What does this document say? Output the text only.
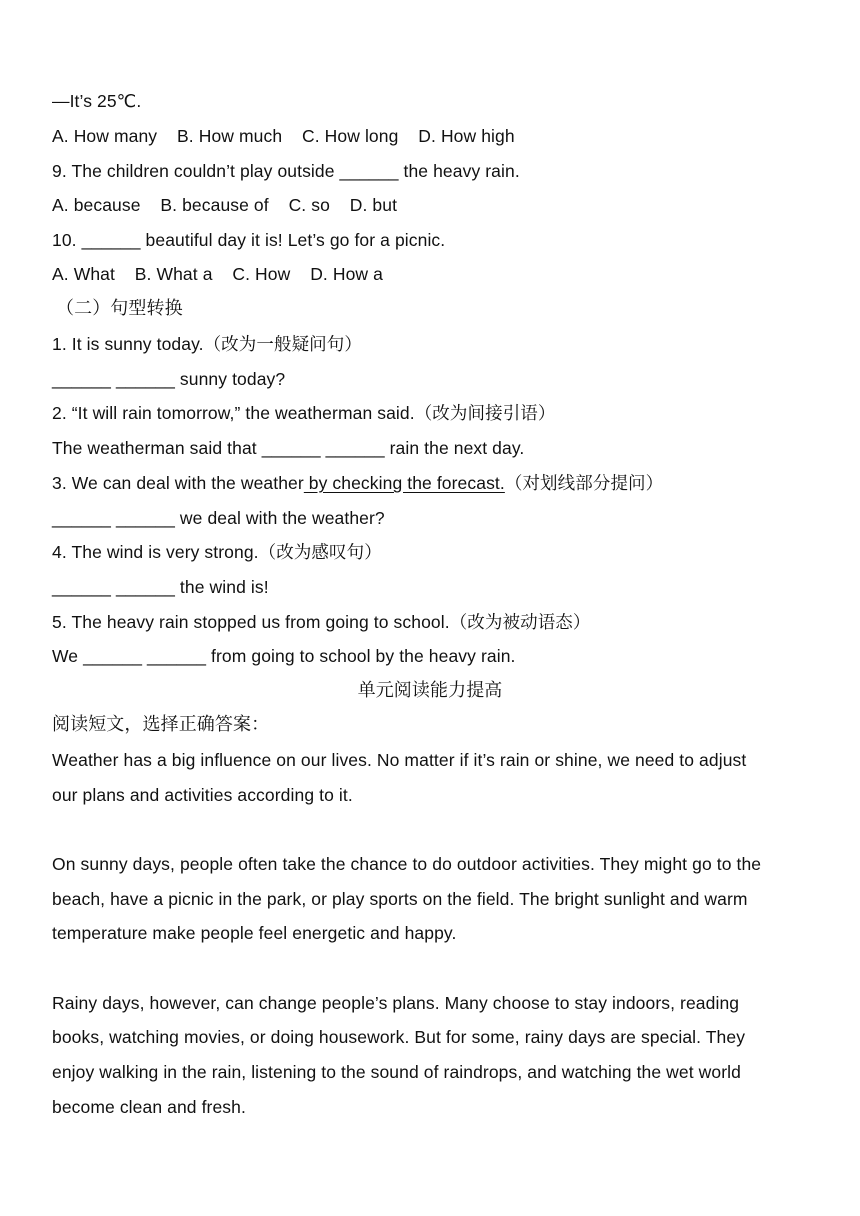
—It’s 25℃.
A. How many    B. How much    C. How long    D. How high
9. The children couldn’t play outside ______ the heavy rain.
A. because    B. because of    C. so    D. but
10. ______ beautiful day it is! Let’s go for a picnic.
A. What    B. What a    C. How    D. How a
（二）句型转换
1. It is sunny today.（改为一般疑问句）
______ ______ sunny today?
2. “It will rain tomorrow,” the weatherman said.（改为间接引语）
The weatherman said that ______ ______ rain the next day.
3. We can deal with the weather by checking the forecast.（对划线部分提问）
______ ______ we deal with the weather?
4. The wind is very strong.（改为感叹句）
______ ______ the wind is!
5. The heavy rain stopped us from going to school.（改为被动语态）
We ______ ______ from going to school by the heavy rain.
单元阅读能力提高
阅读短文，选择正确答案：
Weather has a big influence on our lives. No matter if it’s rain or shine, we need to adjust
our plans and activities according to it.
On sunny days, people often take the chance to do outdoor activities. They might go to the
beach, have a picnic in the park, or play sports on the field. The bright sunlight and warm
temperature make people feel energetic and happy.
Rainy days, however, can change people’s plans. Many choose to stay indoors, reading
books, watching movies, or doing housework. But for some, rainy days are special. They
enjoy walking in the rain, listening to the sound of raindrops, and watching the wet world
become clean and fresh.
